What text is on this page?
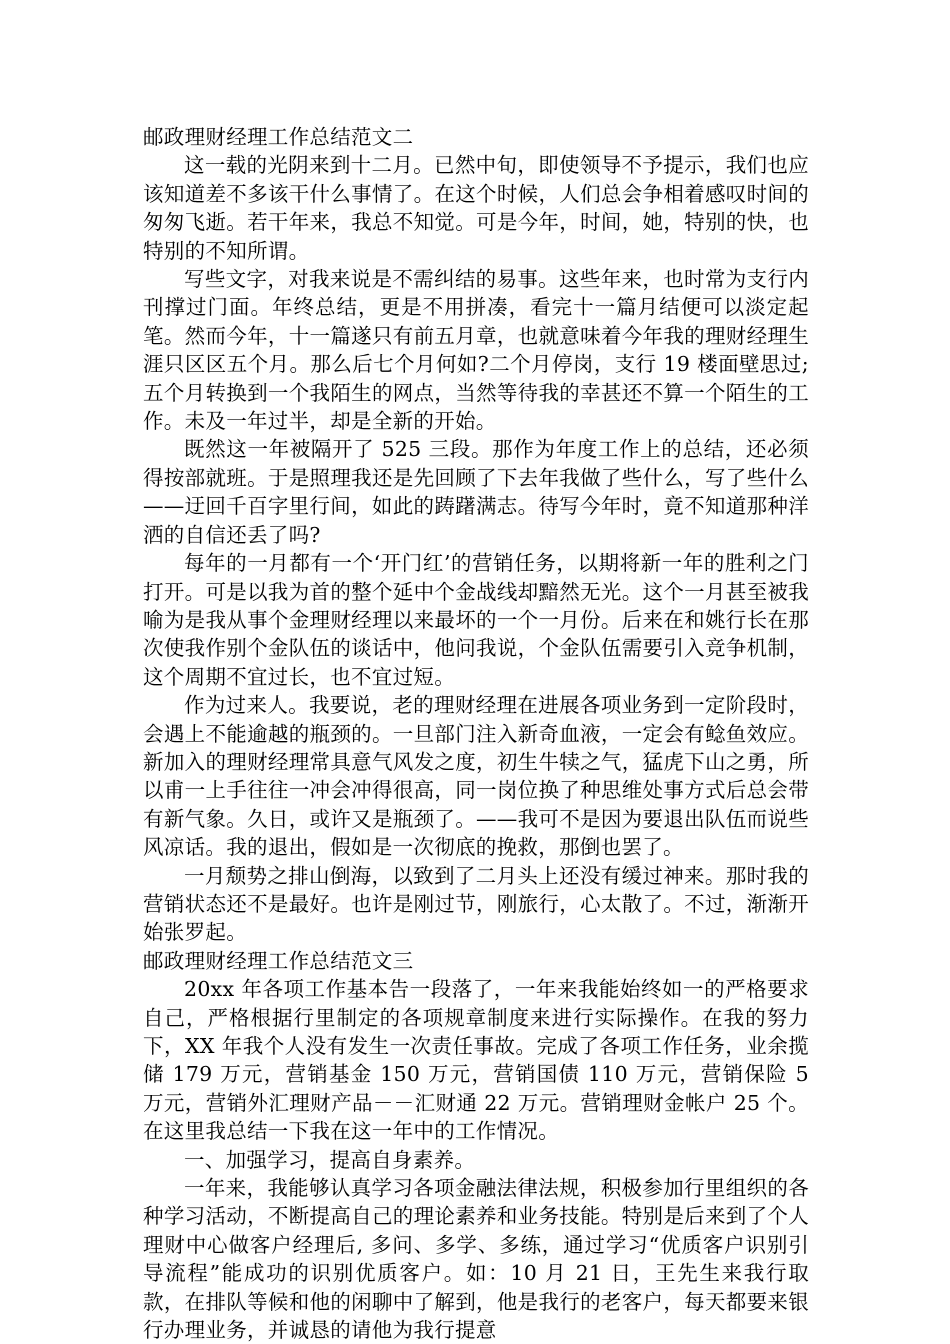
邮政理财经理工作总结范文二

这一载的光阴来到十二月。已然中旬，即使领导不予提示，我们也应该知道差不多该干什么事情了。在这个时候，人们总会争相着感叹时间的匆匆飞逝。若干年来，我总不知觉。可是今年，时间，她，特别的快，也特别的不知所谓。

写些文字，对我来说是不需纠结的易事。这些年来，也时常为支行内刊撑过门面。年终总结，更是不用拼凑，看完十一篇月结便可以淡定起笔。然而今年，十一篇遂只有前五月章，也就意味着今年我的理财经理生涯只区区五个月。那么后七个月何如?二个月停岗，支行 19 楼面壁思过;五个月转换到一个我陌生的网点，当然等待我的幸甚还不算一个陌生的工作。未及一年过半，却是全新的开始。

既然这一年被隔开了 525 三段。那作为年度工作上的总结，还必须得按部就班。于是照理我还是先回顾了下去年我做了些什么，写了些什么——迂回千百字里行间，如此的踌躇满志。待写今年时，竟不知道那种洋洒的自信还丢了吗?

每年的一月都有一个‘开门红’的营销任务，以期将新一年的胜利之门打开。可是以我为首的整个延中个金战线却黯然无光。这个一月甚至被我喻为是我从事个金理财经理以来最坏的一个一月份。后来在和姚行长在那次使我作别个金队伍的谈话中，他问我说，个金队伍需要引入竞争机制，这个周期不宜过长，也不宜过短。

作为过来人。我要说，老的理财经理在进展各项业务到一定阶段时，会遇上不能逾越的瓶颈的。一旦部门注入新奇血液，一定会有鲶鱼效应。新加入的理财经理常具意气风发之度，初生牛犊之气，猛虎下山之勇，所以甫一上手往往一冲会冲得很高，同一岗位换了种思维处事方式后总会带有新气象。久日，或许又是瓶颈了。——我可不是因为要退出队伍而说些风凉话。我的退出，假如是一次彻底的挽救，那倒也罢了。

一月颓势之排山倒海，以致到了二月头上还没有缓过神来。那时我的营销状态还不是最好。也许是刚过节，刚旅行，心太散了。不过，渐渐开始张罗起。

邮政理财经理工作总结范文三

20xx 年各项工作基本告一段落了，一年来我能始终如一的严格要求自己，严格根据行里制定的各项规章制度来进行实际操作。在我的努力下，XX 年我个人没有发生一次责任事故。完成了各项工作任务，业余揽储 179 万元，营销基金 150 万元，营销国债 110 万元，营销保险 5 万元，营销外汇理财产品－－汇财通 22 万元。营销理财金帐户 25 个。在这里我总结一下我在这一年中的工作情况。

一、加强学习，提高自身素养。

一年来，我能够认真学习各项金融法律法规，积极参加行里组织的各种学习活动，不断提高自己的理论素养和业务技能。特别是后来到了个人理财中心做客户经理后, 多问、多学、多练，通过学习“优质客户识别引导流程”能成功的识别优质客户。如：10 月 21 日，王先生来我行取款，在排队等候和他的闲聊中了解到，他是我行的老客户，每天都要来银行办理业务，并诚恳的请他为我行提意
